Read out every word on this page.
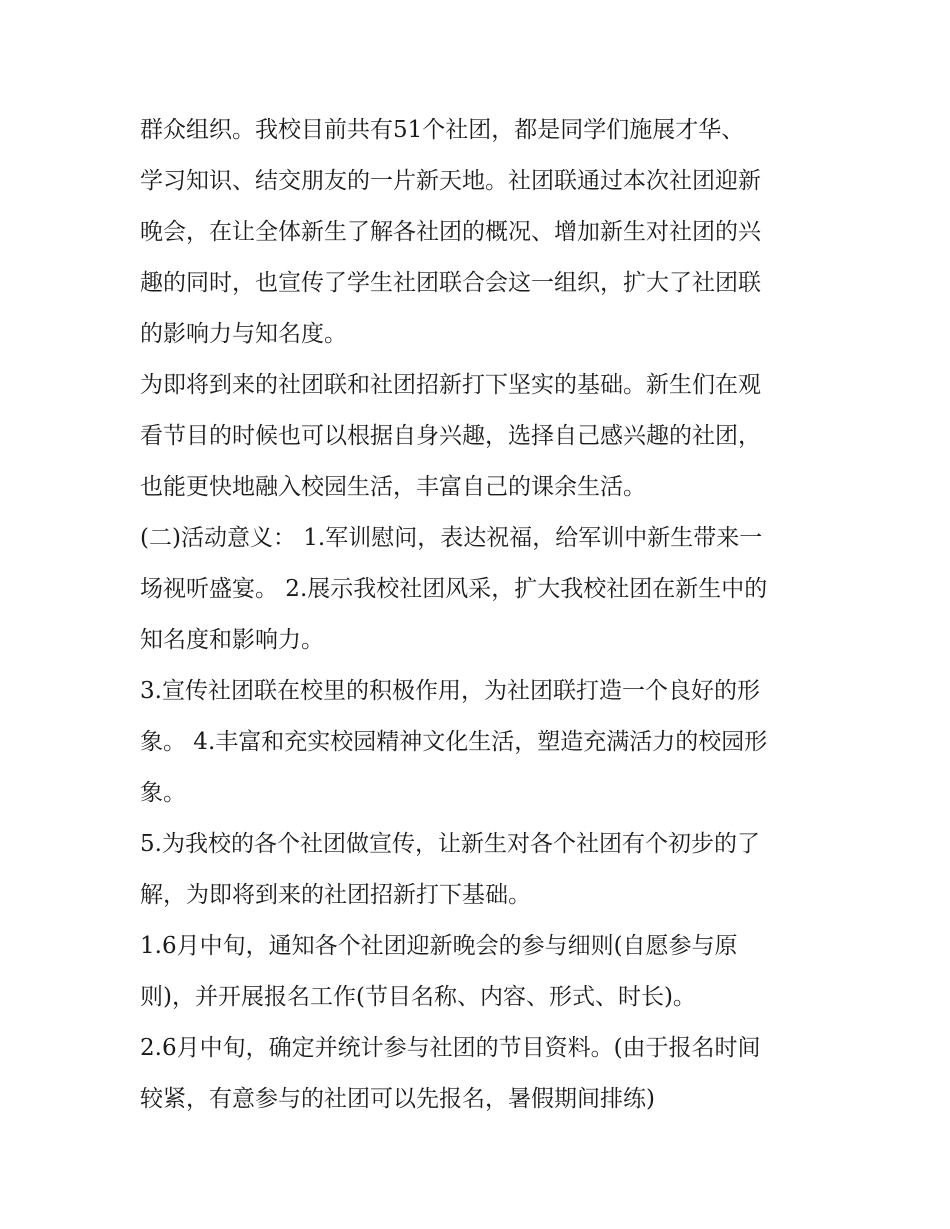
群众组织。我校目前共有51个社团，都是同学们施展才华、
学习知识、结交朋友的一片新天地。社团联通过本次社团迎新
晚会，在让全体新生了解各社团的概况、增加新生对社团的兴
趣的同时，也宣传了学生社团联合会这一组织，扩大了社团联
的影响力与知名度。
为即将到来的社团联和社团招新打下坚实的基础。新生们在观
看节目的时候也可以根据自身兴趣，选择自己感兴趣的社团，
也能更快地融入校园生活，丰富自己的课余生活。
(二)活动意义： 1.军训慰问，表达祝福，给军训中新生带来一
场视听盛宴。 2.展示我校社团风采，扩大我校社团在新生中的
知名度和影响力。
3.宣传社团联在校里的积极作用，为社团联打造一个良好的形
象。 4.丰富和充实校园精神文化生活，塑造充满活力的校园形
象。
5.为我校的各个社团做宣传，让新生对各个社团有个初步的了
解，为即将到来的社团招新打下基础。
1.6月中旬，通知各个社团迎新晚会的参与细则(自愿参与原
则)，并开展报名工作(节目名称、内容、形式、时长)。
2.6月中旬，确定并统计参与社团的节目资料。(由于报名时间
较紧，有意参与的社团可以先报名，暑假期间排练)
